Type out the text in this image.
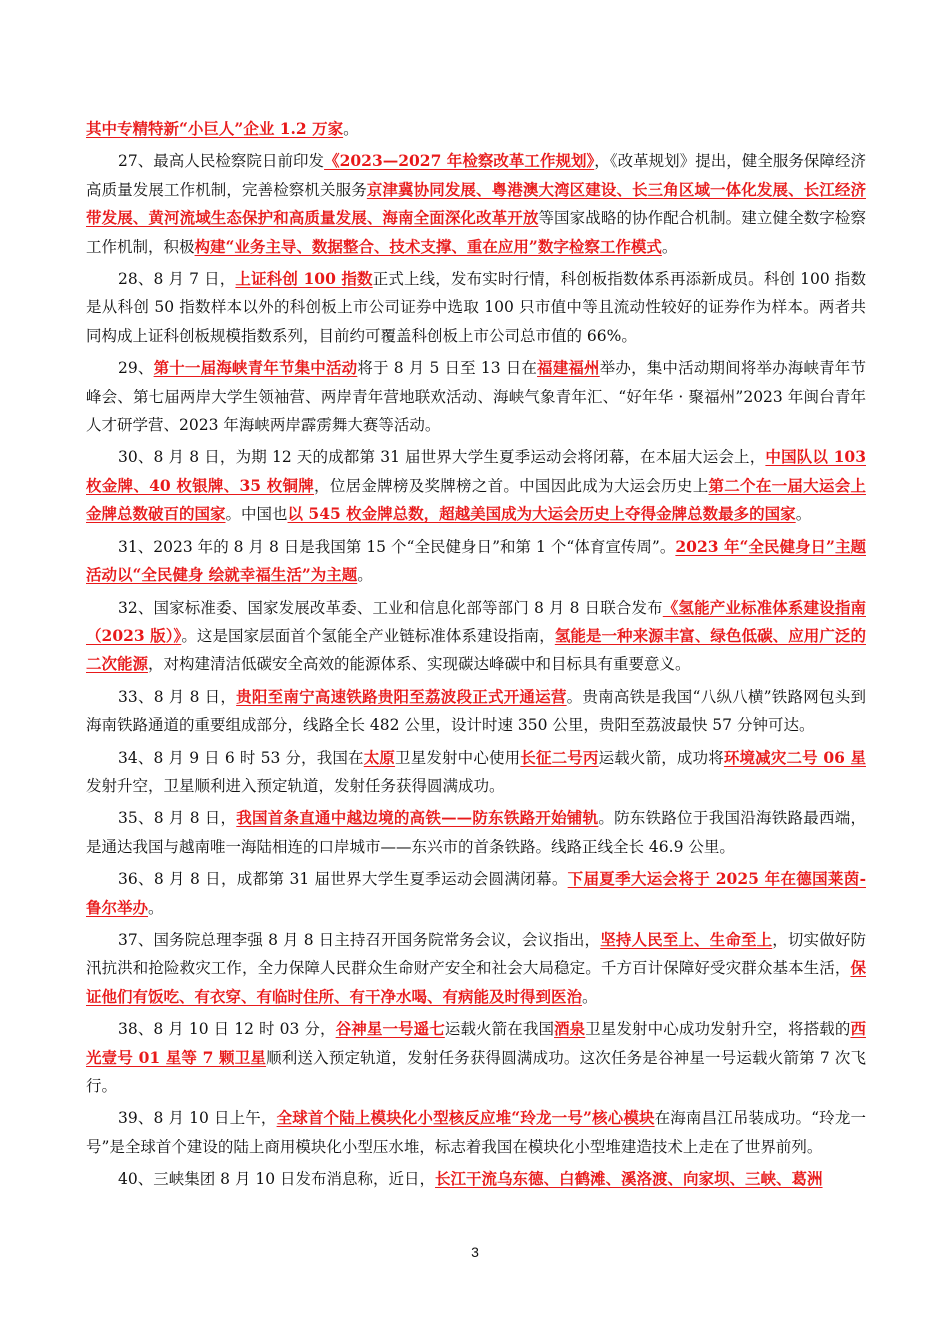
其中专精特新“小巨人”企业 1.2 万家。

27、最高人民检察院日前印发《2023—2027 年检察改革工作规划》，《改革规划》提出，健全服务保障经济高质量发展工作机制，完善检察机关服务京津冀协同发展、粤港澳大湾区建设、长三角区域一体化发展、长江经济带发展、黄河流域生态保护和高质量发展、海南全面深化改革开放等国家战略的协作配合机制。建立健全数字检察工作机制，积极构建“业务主导、数据整合、技术支撑、重在应用”数字检察工作模式。

28、8 月 7 日，上证科创 100 指数正式上线，发布实时行情，科创板指数体系再添新成员。科创 100 指数是从科创 50 指数样本以外的科创板上市公司证券中选取 100 只市值中等且流动性较好的证券作为样本。两者共同构成上证科创板规模指数系列，目前约可覆盖科创板上市公司总市值的 66%。

29、第十一届海峡青年节集中活动将于 8 月 5 日至 13 日在福建福州举办，集中活动期间将举办海峡青年节峰会、第七届两岸大学生领袖营、两岸青年营地联欢活动、海峡气象青年汇、“好年华 · 聚福州”2023 年闽台青年人才研学营、2023 年海峡两岸霹雳舞大赛等活动。

30、8 月 8 日，为期 12 天的成都第 31 届世界大学生夏季运动会将闭幕，在本届大运会上，中国队以 103 枚金牌、40 枚银牌、35 枚铜牌，位居金牌榜及奖牌榜之首。中国因此成为大运会历史上第二个在一届大运会上金牌总数破百的国家。中国也以 545 枚金牌总数，超越美国成为大运会历史上夺得金牌总数最多的国家。

31、2023 年的 8 月 8 日是我国第 15 个“全民健身日”和第 1 个“体育宣传周”。2023 年“全民健身日”主题活动以“全民健身 绘就幸福生活”为主题。

32、国家标准委、国家发展改革委、工业和信息化部等部门 8 月 8 日联合发布《氢能产业标准体系建设指南（2023 版）》。这是国家层面首个氢能全产业链标准体系建设指南，氢能是一种来源丰富、绿色低碳、应用广泛的二次能源，对构建清洁低碳安全高效的能源体系、实现碳达峰碳中和目标具有重要意义。

33、8 月 8 日，贵阳至南宁高速铁路贵阳至荔波段正式开通运营。贵南高铁是我国“八纵八横”铁路网包头到海南铁路通道的重要组成部分，线路全长 482 公里，设计时速 350 公里，贵阳至荔波最快 57 分钟可达。

34、8 月 9 日 6 时 53 分，我国在太原卫星发射中心使用长征二号丙运载火箭，成功将环境减灾二号 06 星发射升空，卫星顺利进入预定轨道，发射任务获得圆满成功。

35、8 月 8 日，我国首条直通中越边境的高铁——防东铁路开始铺轨。防东铁路位于我国沿海铁路最西端，是通达我国与越南唯一海陆相连的口岸城市——东兴市的首条铁路。线路正线全长 46.9 公里。

36、8 月 8 日，成都第 31 届世界大学生夏季运动会圆满闭幕。下届夏季大运会将于 2025 年在德国莱茵-鲁尔举办。

37、国务院总理李强 8 月 8 日主持召开国务院常务会议，会议指出，坚持人民至上、生命至上，切实做好防汛抗洪和抢险救灾工作，全力保障人民群众生命财产安全和社会大局稳定。千方百计保障好受灾群众基本生活，保证他们有饭吃、有衣穿、有临时住所、有干净水喝、有病能及时得到医治。

38、8 月 10 日 12 时 03 分，谷神星一号遥七运载火箭在我国酒泉卫星发射中心成功发射升空，将搭载的西光壹号 01 星等 7 颗卫星顺利送入预定轨道，发射任务获得圆满成功。这次任务是谷神星一号运载火箭第 7 次飞行。

39、8 月 10 日上午，全球首个陆上模块化小型核反应堆“玲龙一号”核心模块在海南昌江吊装成功。“玲龙一号”是全球首个建设的陆上商用模块化小型压水堆，标志着我国在模块化小型堆建造技术上走在了世界前列。

40、三峡集团 8 月 10 日发布消息称，近日，长江干流乌东德、白鹤滩、溪洛渡、向家坝、三峡、葛洲

3
